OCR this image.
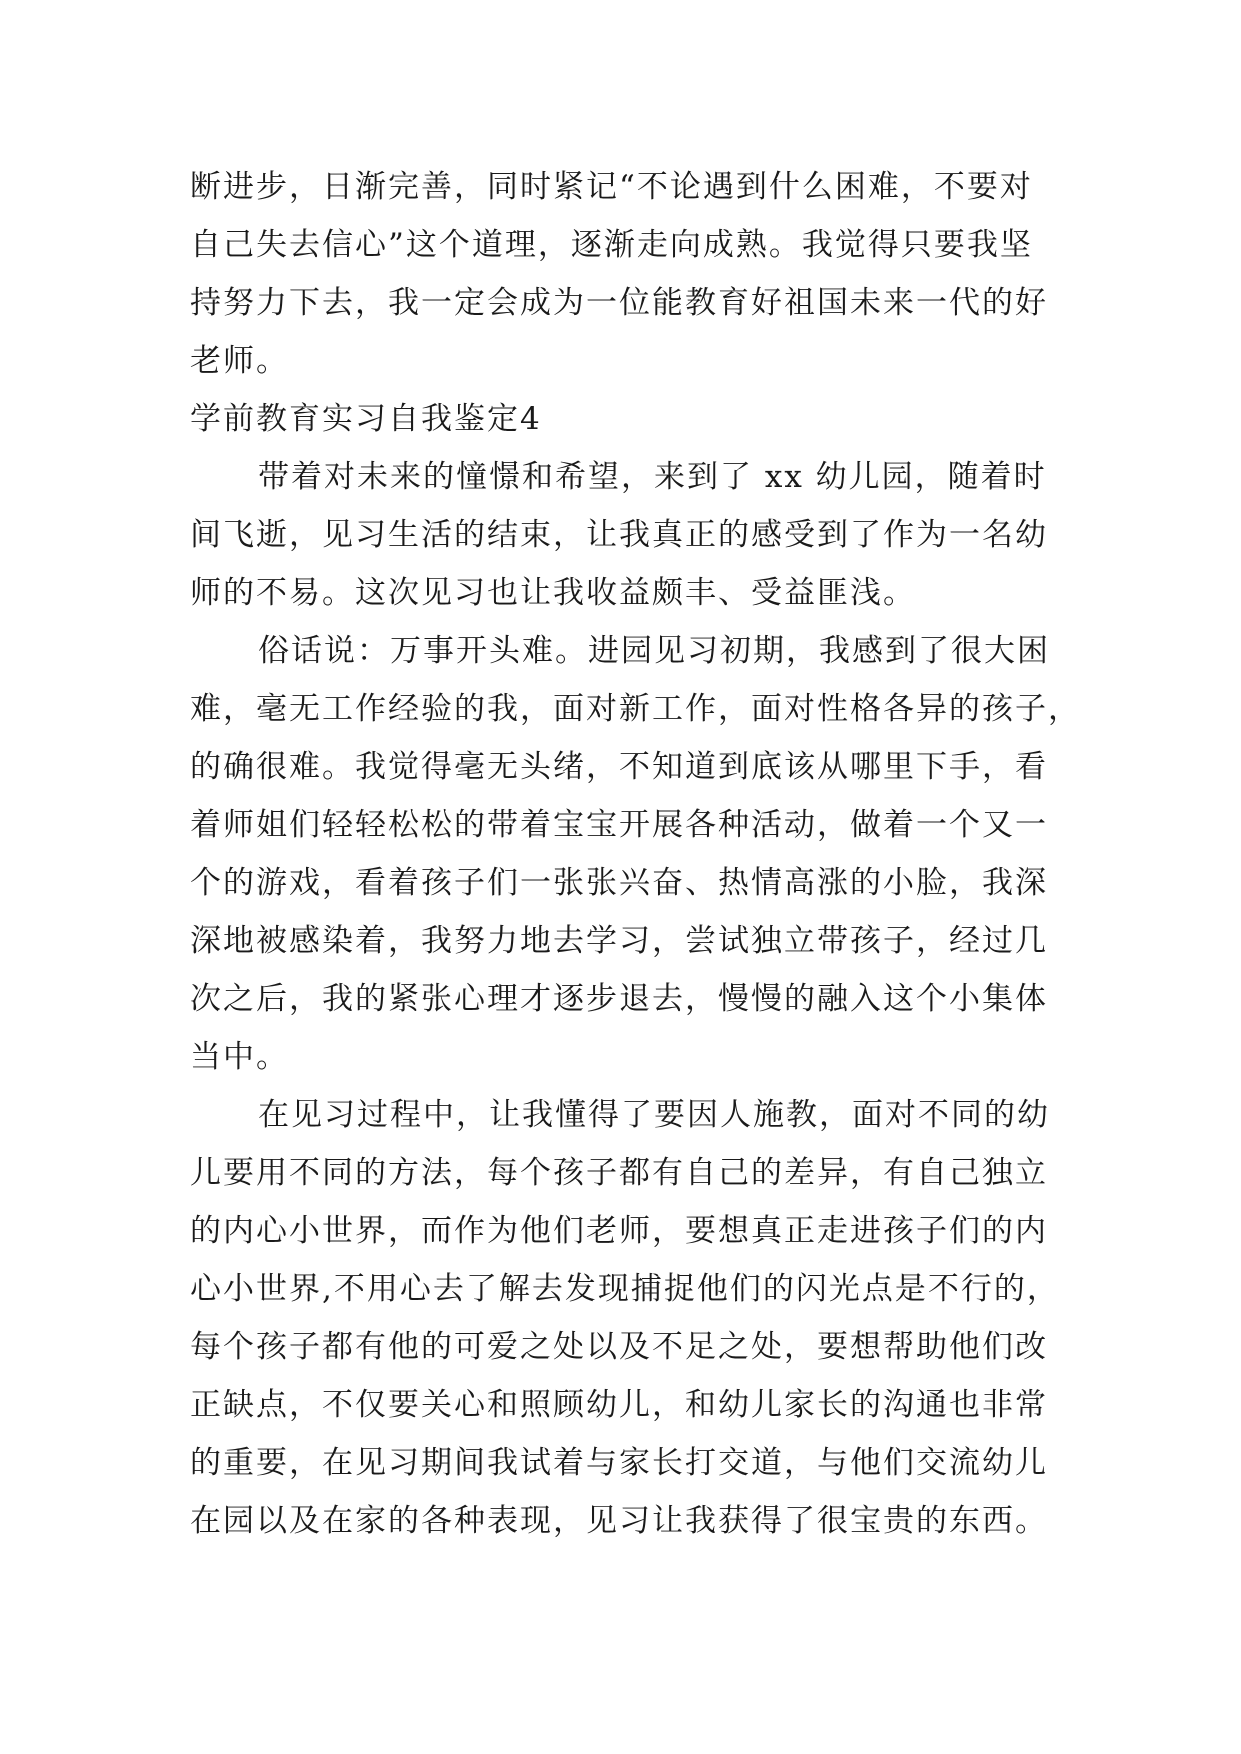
断进步，日渐完善，同时紧记“不论遇到什么困难，不要对
自己失去信心”这个道理，逐渐走向成熟。我觉得只要我坚
持努力下去，我一定会成为一位能教育好祖国未来一代的好
老师。
学前教育实习自我鉴定4
带着对未来的憧憬和希望，来到了 xx 幼儿园，随着时
间飞逝，见习生活的结束，让我真正的感受到了作为一名幼
师的不易。这次见习也让我收益颇丰、受益匪浅。
俗话说：万事开头难。进园见习初期，我感到了很大困
难，毫无工作经验的我，面对新工作，面对性格各异的孩子，
的确很难。我觉得毫无头绪，不知道到底该从哪里下手，看
着师姐们轻轻松松的带着宝宝开展各种活动，做着一个又一
个的游戏，看着孩子们一张张兴奋、热情高涨的小脸，我深
深地被感染着，我努力地去学习，尝试独立带孩子，经过几
次之后，我的紧张心理才逐步退去，慢慢的融入这个小集体
当中。
在见习过程中，让我懂得了要因人施教，面对不同的幼
儿要用不同的方法，每个孩子都有自己的差异，有自己独立
的内心小世界，而作为他们老师，要想真正走进孩子们的内
心小世界,不用心去了解去发现捕捉他们的闪光点是不行的，
每个孩子都有他的可爱之处以及不足之处，要想帮助他们改
正缺点，不仅要关心和照顾幼儿，和幼儿家长的沟通也非常
的重要，在见习期间我试着与家长打交道，与他们交流幼儿
在园以及在家的各种表现，见习让我获得了很宝贵的东西。
